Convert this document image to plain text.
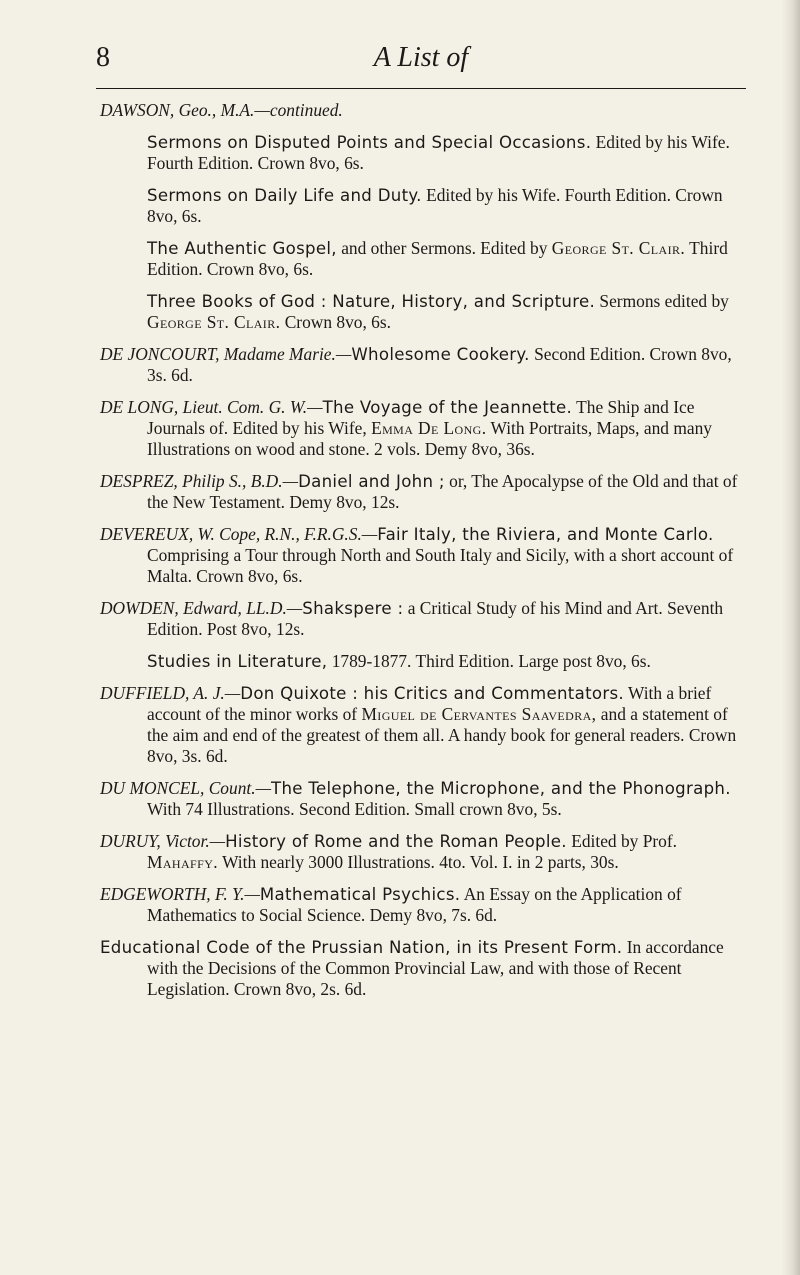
8	A List of
DAWSON, Geo., M.A.—continued.
Sermons on Disputed Points and Special Occasions. Edited by his Wife. Fourth Edition. Crown 8vo, 6s.
Sermons on Daily Life and Duty. Edited by his Wife. Fourth Edition. Crown 8vo, 6s.
The Authentic Gospel, and other Sermons. Edited by George St. Clair. Third Edition. Crown 8vo, 6s.
Three Books of God : Nature, History, and Scripture. Sermons edited by George St. Clair. Crown 8vo, 6s.
DE JONCOURT, Madame Marie.—Wholesome Cookery. Second Edition. Crown 8vo, 3s. 6d.
DE LONG, Lieut. Com. G. W.—The Voyage of the Jeannette. The Ship and Ice Journals of. Edited by his Wife, Emma De Long. With Portraits, Maps, and many Illustrations on wood and stone. 2 vols. Demy 8vo, 36s.
DESPREZ, Philip S., B.D.—Daniel and John ; or, The Apocalypse of the Old and that of the New Testament. Demy 8vo, 12s.
DEVEREUX, W. Cope, R.N., F.R.G.S.—Fair Italy, the Riviera, and Monte Carlo. Comprising a Tour through North and South Italy and Sicily, with a short account of Malta. Crown 8vo, 6s.
DOWDEN, Edward, LL.D.—Shakspere : a Critical Study of his Mind and Art. Seventh Edition. Post 8vo, 12s.
Studies in Literature, 1789-1877. Third Edition. Large post 8vo, 6s.
DUFFIELD, A. J.—Don Quixote : his Critics and Commentators. With a brief account of the minor works of Miguel de Cervantes Saavedra, and a statement of the aim and end of the greatest of them all. A handy book for general readers. Crown 8vo, 3s. 6d.
DU MONCEL, Count.—The Telephone, the Microphone, and the Phonograph. With 74 Illustrations. Second Edition. Small crown 8vo, 5s.
DURUY, Victor.—History of Rome and the Roman People. Edited by Prof. Mahaffy. With nearly 3000 Illustrations. 4to. Vol. I. in 2 parts, 30s.
EDGEWORTH, F. Y.—Mathematical Psychics. An Essay on the Application of Mathematics to Social Science. Demy 8vo, 7s. 6d.
Educational Code of the Prussian Nation, in its Present Form. In accordance with the Decisions of the Common Provincial Law, and with those of Recent Legislation. Crown 8vo, 2s. 6d.
